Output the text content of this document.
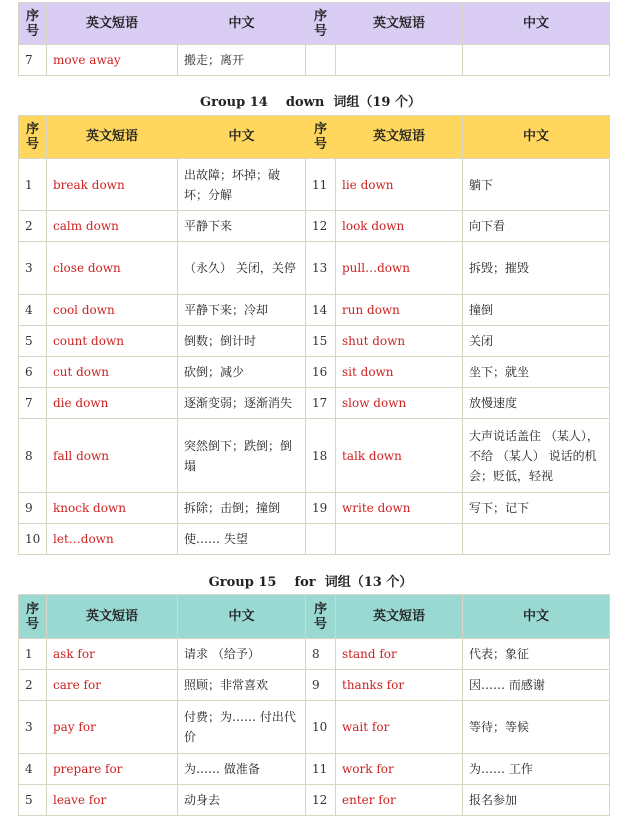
序号	英文短语	中文	序号	英文短语	中文
7	move away	搬走；离开			
Group 14    down  词组（19 个）
序号	英文短语	中文	序号	英文短语	中文
1	break down	出故障；坏掉；破坏；分解	11	lie down	躺下
2	calm down	平静下来	12	look down	向下看
3	close down	（永久） 关闭，关停	13	pull…down	拆毁；摧毁
4	cool down	平静下来；冷却	14	run down	撞倒
5	count down	倒数；倒计时	15	shut down	关闭
6	cut down	砍倒；减少	16	sit down	坐下；就坐
7	die down	逐渐变弱；逐渐消失	17	slow down	放慢速度
8	fall down	突然倒下；跌倒；倒塌	18	talk down	大声说话盖住 （某人），不给 （某人） 说话的机会；贬低，轻视
9	knock down	拆除；击倒；撞倒	19	write down	写下；记下
10	let…down	使…… 失望			
Group 15    for  词组（13 个）
序号	英文短语	中文	序号	英文短语	中文
1	ask for	请求 （给予）	8	stand for	代表；象征
2	care for	照顾；非常喜欢	9	thanks for	因…… 而感谢
3	pay for	付费；为…… 付出代价	10	wait for	等待；等候
4	prepare for	为…… 做准备	11	work for	为…… 工作
5	leave for	动身去	12	enter for	报名参加
